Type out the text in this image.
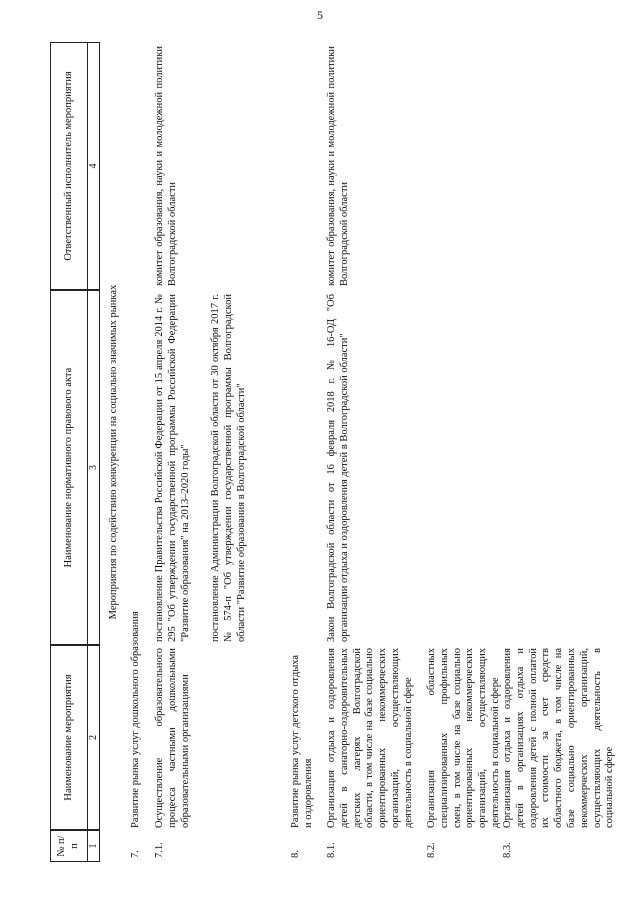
5
№ п/п
Наименование мероприятия
Наименование нормативного правового акта
Ответственный исполнитель мероприятия
1
2
3
4
Мероприятия по содействию конкуренции на социально значимых рынках
7.
Развитие рынка услуг дошкольного образования
7.1.
Осуществление образовательного процесса частными дошкольными образовательными организациями
постановление Правительства Российской Федерации от 15 апреля 2014 г. № 295 "Об утверждении государственной программы Российской Федерации "Развитие образования" на 2013–2020 годы" постановление Администрации Волгоградской области от 30 октября 2017 г. № 574-п "Об утверждении государственной программы Волгоградской области "Развитие образования в Волгоградской области"
комитет образования, науки и молодежной политики Волгоградской области
8.
Развитие рынка услуг детского отдыха и оздоровления
8.1.
Организация отдыха и оздоровления детей в санаторно-оздоровительных детских лагерях Волгоградской области, в том числе на базе социально ориентированных некоммерческих организаций, осуществляющих деятельность в социальной сфере
Закон Волгоградской области от 16 февраля 2018 г. № 16-ОД "Об организации отдыха и оздоровления детей в Волгоградской области"
комитет образования, науки и молодежной политики Волгоградской области
8.2.
Организация областных специализированных профильных смен, в том числе на базе социально ориентированных некоммерческих организаций, осуществляющих деятельность в социальной сфере
8.3.
Организация отдыха и оздоровления детей в организациях отдыха и оздоровления детей с полной оплатой их стоимости за счет средств областного бюджета, в том числе на базе социально ориентированных некоммерческих организаций, осуществляющих деятельность в социальной сфере
